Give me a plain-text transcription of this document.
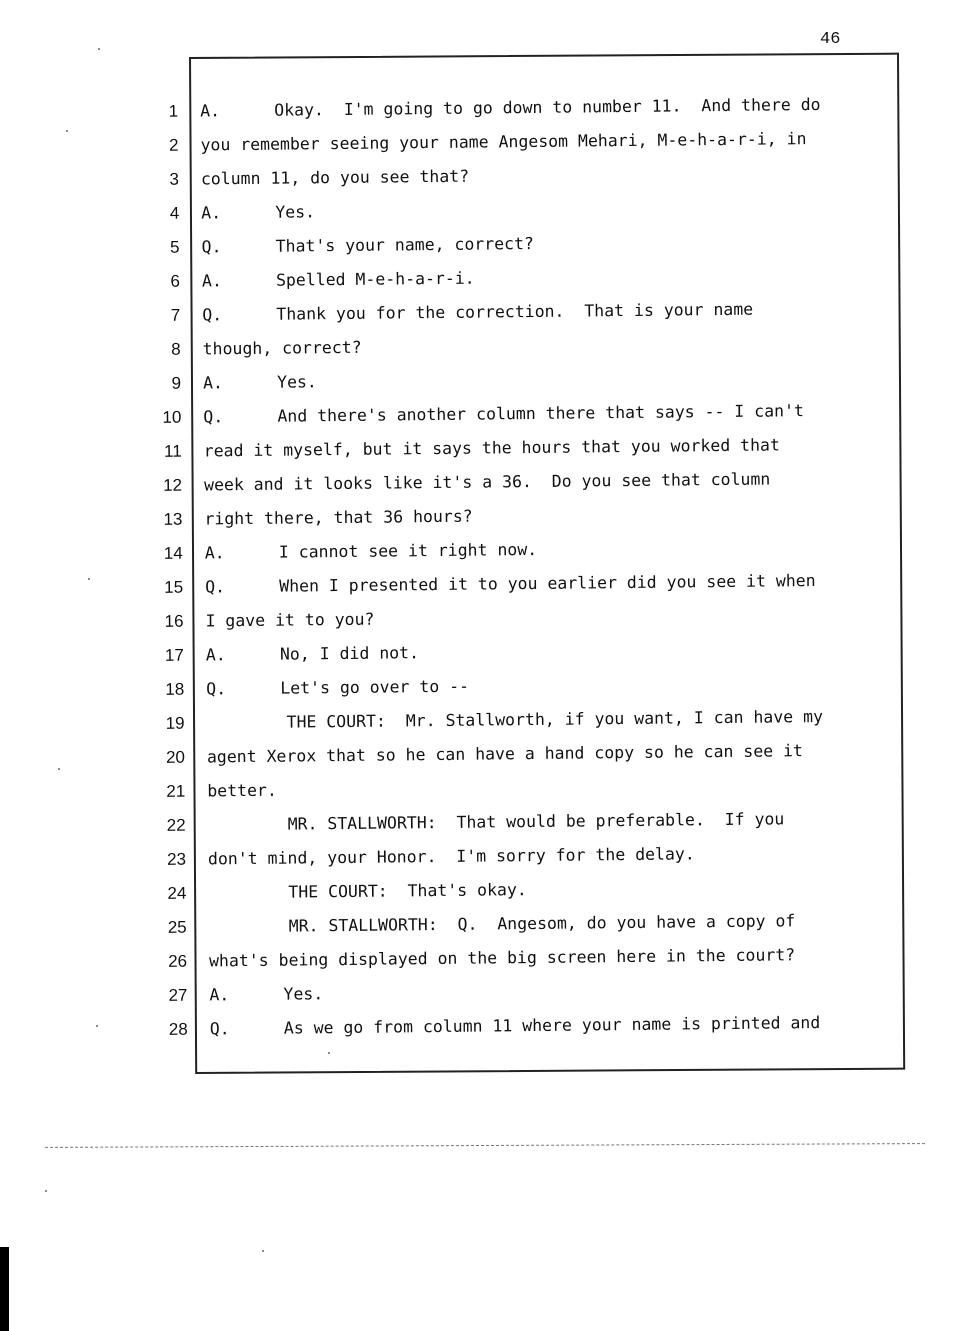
46
1 A.	Okay.  I'm going to go down to number 11.  And there do
2 you remember seeing your name Angesom Mehari, M-e-h-a-r-i, in
3 column 11, do you see that?
4 A.	Yes.
5 Q.	That's your name, correct?
6 A.	Spelled M-e-h-a-r-i.
7 Q.	Thank you for the correction.  That is your name
8 though, correct?
9 A.	Yes.
10 Q.	And there's another column there that says -- I can't
11 read it myself, but it says the hours that you worked that
12 week and it looks like it's a 36.  Do you see that column
13 right there, that 36 hours?
14 A.	I cannot see it right now.
15 Q.	When I presented it to you earlier did you see it when
16 I gave it to you?
17 A.	No, I did not.
18 Q.	Let's go over to --
19	THE COURT:  Mr. Stallworth, if you want, I can have my
20 agent Xerox that so he can have a hand copy so he can see it
21 better.
22	MR. STALLWORTH:  That would be preferable.  If you
23 don't mind, your Honor.  I'm sorry for the delay.
24	THE COURT:  That's okay.
25	MR. STALLWORTH:  Q.  Angesom, do you have a copy of
26 what's being displayed on the big screen here in the court?
27 A.	Yes.
28 Q.	As we go from column 11 where your name is printed and
